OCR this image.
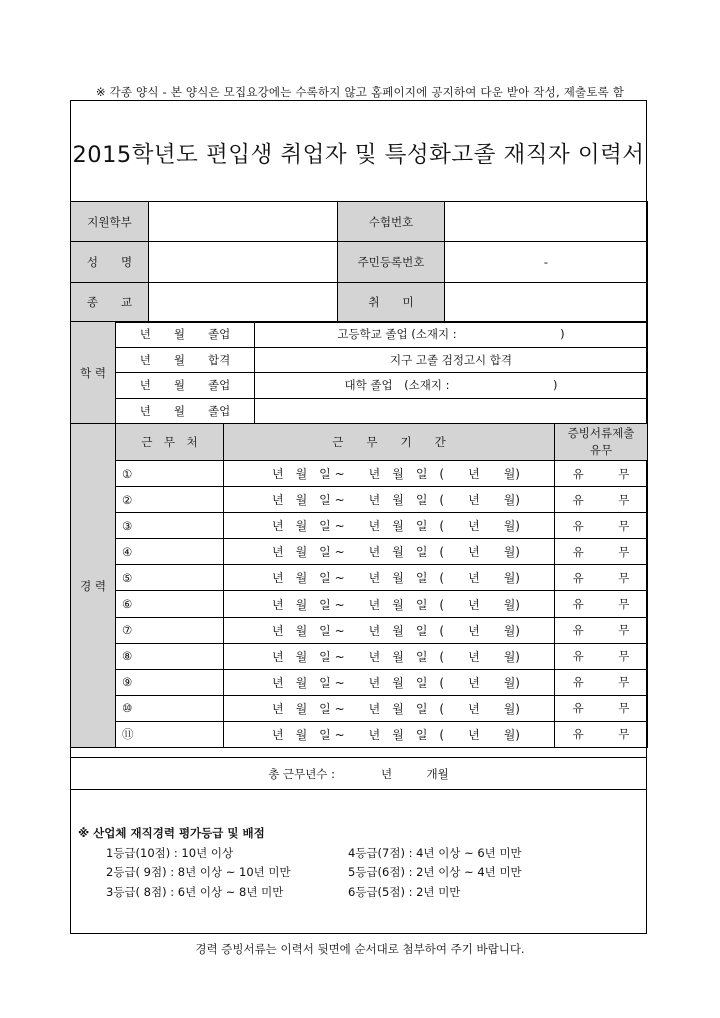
※ 각종 양식 - 본 양식은 모집요강에는 수록하지 않고 홈페이지에 공지하여 다운 받아 작성, 제출토록 함
2015학년도 편입생 취업자 및 특성화고졸 재직자 이력서
지원학부		수험번호	
성　　명		주민등록번호	-
종　　교		취　　미	
학 력	년　　월　　졸업	고등학교 졸업 (소재지 :　　　　　　　　　)
	년　　월　　합격	지구 고졸 검정고시 합격
	년　　월　　졸업	대학 졸업　(소재지 :　　　　　　　　　)
	년　　월　　졸업	
경 력	근　무　처	근　　무　　기　　간	증빙서류제출
유무
	①	년　월　일 ~　　년　월　일　(　　년　　월)	유　　　무
	②	년　월　일 ~　　년　월　일　(　　년　　월)	유　　　무
	③	년　월　일 ~　　년　월　일　(　　년　　월)	유　　　무
	④	년　월　일 ~　　년　월　일　(　　년　　월)	유　　　무
	⑤	년　월　일 ~　　년　월　일　(　　년　　월)	유　　　무
	⑥	년　월　일 ~　　년　월　일　(　　년　　월)	유　　　무
	⑦	년　월　일 ~　　년　월　일　(　　년　　월)	유　　　무
	⑧	년　월　일 ~　　년　월　일　(　　년　　월)	유　　　무
	⑨	년　월　일 ~　　년　월　일　(　　년　　월)	유　　　무
	⑩	년　월　일 ~　　년　월　일　(　　년　　월)	유　　　무
	⑪	년　월　일 ~　　년　월　일　(　　년　　월)	유　　　무
총 근무년수 :　　　　년　　　개월
※ 산업체 재직경력 평가등급 및 배점
1등급(10점) : 10년 이상	4등급(7점) : 4년 이상 ~ 6년 미만
2등급( 9점) : 8년 이상 ~ 10년 미만	5등급(6점) : 2년 이상 ~ 4년 미만
3등급( 8점) : 6년 이상 ~ 8년 미만	6등급(5점) : 2년 미만
경력 증빙서류는 이력서 뒷면에 순서대로 첨부하여 주기 바랍니다.
